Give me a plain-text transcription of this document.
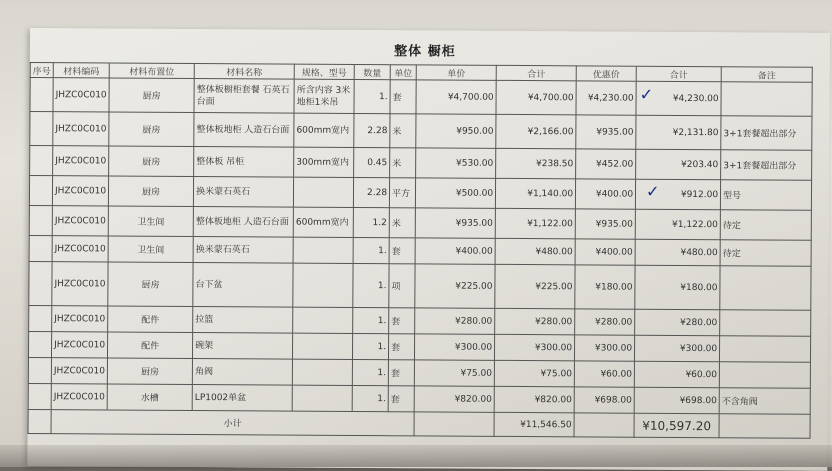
整体 橱柜
序号	材料编码	材料布置位	材料名称	规格、型号	数量	单位	单价	合计	优惠价	合计	备注
	JHZC0C010	厨房	整体板橱柜套餐 石英石台面	所含内容 3米地柜1米吊	1.	套	¥4,700.00	¥4,700.00	¥4,230.00	¥4,230.00	
	JHZC0C010	厨房	整体板地柜 人造石台面	600mm宽内	2.28	米	¥950.00	¥2,166.00	¥935.00	¥2,131.80	3+1套餐超出部分
	JHZC0C010	厨房	整体板 吊柜	300mm宽内	0.45	米	¥530.00	¥238.50	¥452.00	¥203.40	3+1套餐超出部分
	JHZC0C010	厨房	换米蒙石英石		2.28	平方	¥500.00	¥1,140.00	¥400.00	¥912.00	型号
	JHZC0C010	卫生间	整体板地柜 人造石台面	600mm宽内	1.2	米	¥935.00	¥1,122.00	¥935.00	¥1,122.00	待定
	JHZC0C010	卫生间	换米蒙石英石		1.	套	¥400.00	¥480.00	¥400.00	¥480.00	待定
	JHZC0C010	厨房	台下盆		1.	项	¥225.00	¥225.00	¥180.00	¥180.00	
	JHZC0C010	配件	拉篮		1.	套	¥280.00	¥280.00	¥280.00	¥280.00	
	JHZC0C010	配件	碗架		1.	套	¥300.00	¥300.00	¥300.00	¥300.00	
	JHZC0C010	厨房	角阀		1.	套	¥75.00	¥75.00	¥60.00	¥60.00	
	JHZC0C010	水槽	LP1002单盆		1.	套	¥820.00	¥820.00	¥698.00	¥698.00	不含角阀
	小计							¥11,546.50		¥10,597.20	
✓
✓
